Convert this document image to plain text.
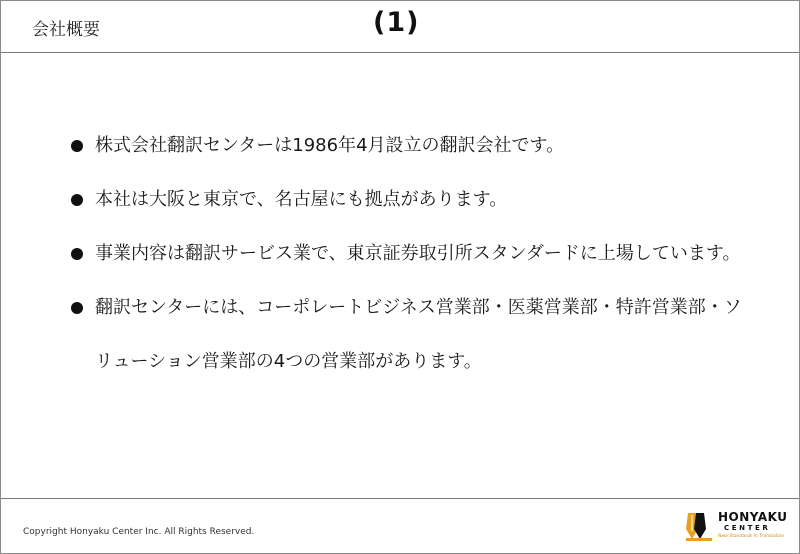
会社概要	(1)
株式会社翻訳センターは1986年4月設立の翻訳会社です。
本社は大阪と東京で、名古屋にも拠点があります。
事業内容は翻訳サービス業で、東京証券取引所スタンダードに上場しています。
翻訳センターには、コーポレートビジネス営業部・医薬営業部・特許営業部・ソリューション営業部の4つの営業部があります。
Copyright Honyaku Center Inc. All Rights Reserved.
HONYAKU
CENTER
New Standards in Translation
